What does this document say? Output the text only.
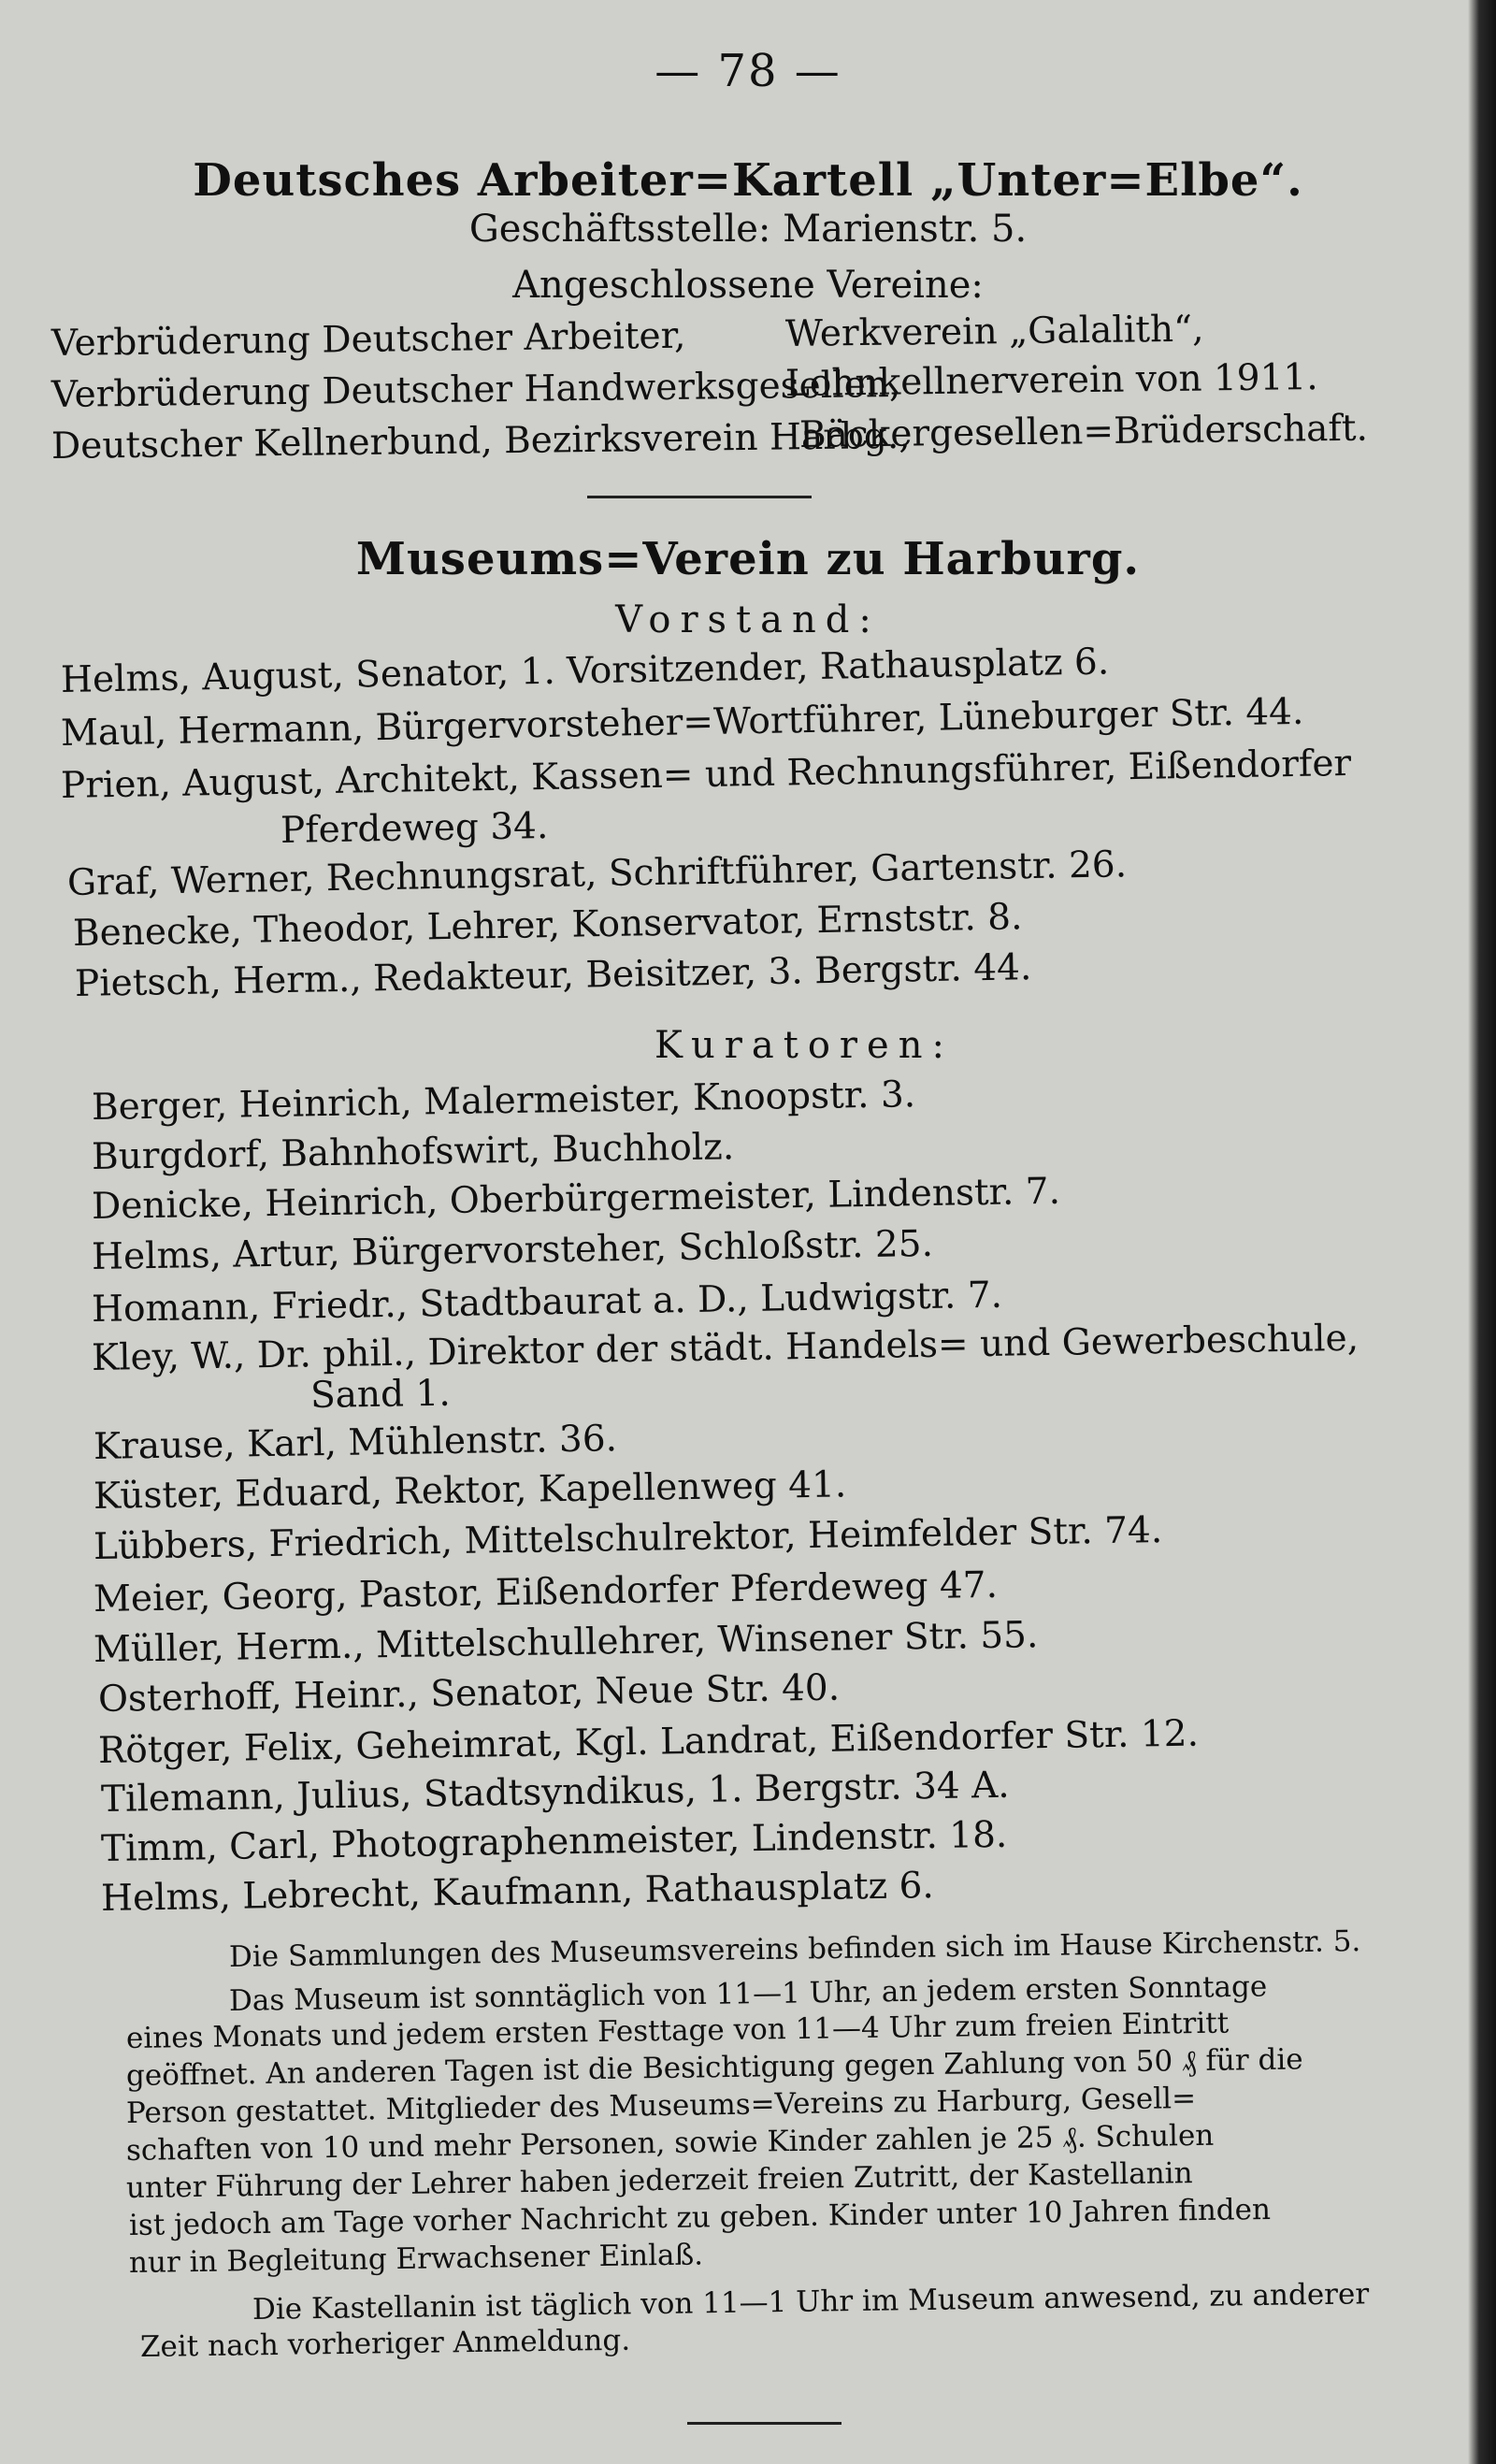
— 78 —
Deutsches Arbeiter=Kartell „Unter=Elbe“.
Geschäftsstelle: Marienstr. 5.
Angeschlossene Vereine:
Verbrüderung Deutscher Arbeiter,	Werkverein „Galalith“,
Verbrüderung Deutscher Handwerksgesellen,
Lohnkellnerverein von 1911.
Deutscher Kellnerbund, Bezirksverein Harbg.,
Bäckergesellen=Brüderschaft.
Museums=Verein zu Harburg.
Vorstand:
Helms, August, Senator, 1. Vorsitzender, Rathausplatz 6.
Maul, Hermann, Bürgervorsteher=Wortführer, Lüneburger Str. 44.
Prien, August, Architekt, Kassen= und Rechnungsführer, Eißendorfer
Pferdeweg 34.
Graf, Werner, Rechnungsrat, Schriftführer, Gartenstr. 26.
Benecke, Theodor, Lehrer, Konservator, Ernststr. 8.
Pietsch, Herm., Redakteur, Beisitzer, 3. Bergstr. 44.
Kuratoren:
Berger, Heinrich, Malermeister, Knoopstr. 3.
Burgdorf, Bahnhofswirt, Buchholz.
Denicke, Heinrich, Oberbürgermeister, Lindenstr. 7.
Helms, Artur, Bürgervorsteher, Schloßstr. 25.
Homann, Friedr., Stadtbaurat a. D., Ludwigstr. 7.
Kley, W., Dr. phil., Direktor der städt. Handels= und Gewerbeschule,
Sand 1.
Krause, Karl, Mühlenstr. 36.
Küster, Eduard, Rektor, Kapellenweg 41.
Lübbers, Friedrich, Mittelschulrektor, Heimfelder Str. 74.
Meier, Georg, Pastor, Eißendorfer Pferdeweg 47.
Müller, Herm., Mittelschullehrer, Winsener Str. 55.
Osterhoff, Heinr., Senator, Neue Str. 40.
Rötger, Felix, Geheimrat, Kgl. Landrat, Eißendorfer Str. 12.
Tilemann, Julius, Stadtsyndikus, 1. Bergstr. 34 A.
Timm, Carl, Photographenmeister, Lindenstr. 18.
Helms, Lebrecht, Kaufmann, Rathausplatz 6.
Die Sammlungen des Museumsvereins befinden sich im Hause Kirchenstr. 5.
Das Museum ist sonntäglich von 11—1 Uhr, an jedem ersten Sonntage
eines Monats und jedem ersten Festtage von 11—4 Uhr zum freien Eintritt
geöffnet. An anderen Tagen ist die Besichtigung gegen Zahlung von 50 ₰ für die
Person gestattet. Mitglieder des Museums=Vereins zu Harburg, Gesell=
schaften von 10 und mehr Personen, sowie Kinder zahlen je 25 ₰. Schulen
unter Führung der Lehrer haben jederzeit freien Zutritt, der Kastellanin
ist jedoch am Tage vorher Nachricht zu geben. Kinder unter 10 Jahren finden
nur in Begleitung Erwachsener Einlaß.
Die Kastellanin ist täglich von 11—1 Uhr im Museum anwesend, zu anderer
Zeit nach vorheriger Anmeldung.
